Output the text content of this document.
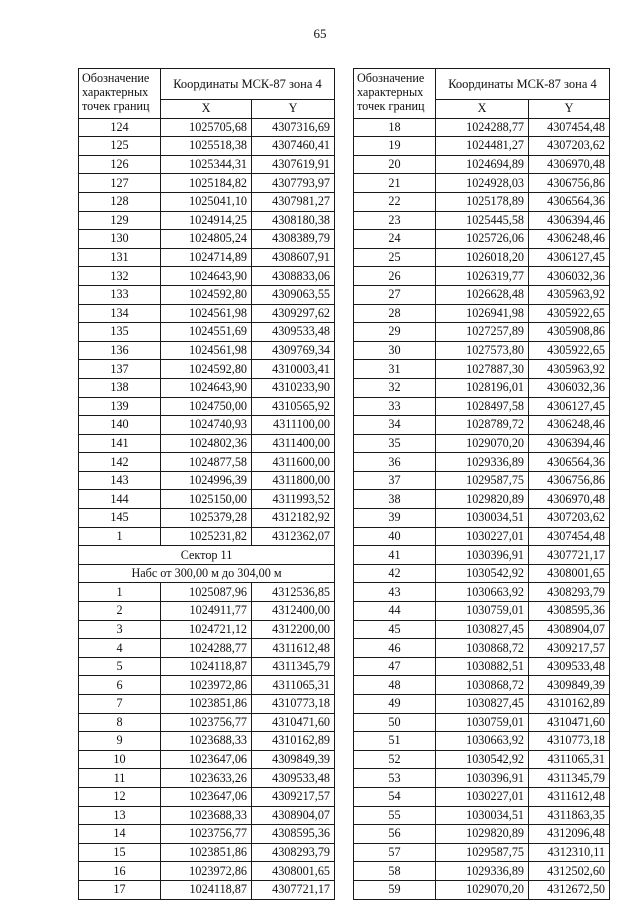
65
Обозначение характерных точек границ	Координаты МСК-87 зона 4	
	X	Y
124	1025705,68	4307316,69
125	1025518,38	4307460,41
126	1025344,31	4307619,91
127	1025184,82	4307793,97
128	1025041,10	4307981,27
129	1024914,25	4308180,38
130	1024805,24	4308389,79
131	1024714,89	4308607,91
132	1024643,90	4308833,06
133	1024592,80	4309063,55
134	1024561,98	4309297,62
135	1024551,69	4309533,48
136	1024561,98	4309769,34
137	1024592,80	4310003,41
138	1024643,90	4310233,90
139	1024750,00	4310565,92
140	1024740,93	4311100,00
141	1024802,36	4311400,00
142	1024877,58	4311600,00
143	1024996,39	4311800,00
144	1025150,00	4311993,52
145	1025379,28	4312182,92
1	1025231,82	4312362,07
Сектор 11		
Набс от 300,00 м до 304,00 м		
1	1025087,96	4312536,85
2	1024911,77	4312400,00
3	1024721,12	4312200,00
4	1024288,77	4311612,48
5	1024118,87	4311345,79
6	1023972,86	4311065,31
7	1023851,86	4310773,18
8	1023756,77	4310471,60
9	1023688,33	4310162,89
10	1023647,06	4309849,39
11	1023633,26	4309533,48
12	1023647,06	4309217,57
13	1023688,33	4308904,07
14	1023756,77	4308595,36
15	1023851,86	4308293,79
16	1023972,86	4308001,65
17	1024118,87	4307721,17
Обозначение характерных точек границ	Координаты МСК-87 зона 4	
	X	Y
18	1024288,77	4307454,48
19	1024481,27	4307203,62
20	1024694,89	4306970,48
21	1024928,03	4306756,86
22	1025178,89	4306564,36
23	1025445,58	4306394,46
24	1025726,06	4306248,46
25	1026018,20	4306127,45
26	1026319,77	4306032,36
27	1026628,48	4305963,92
28	1026941,98	4305922,65
29	1027257,89	4305908,86
30	1027573,80	4305922,65
31	1027887,30	4305963,92
32	1028196,01	4306032,36
33	1028497,58	4306127,45
34	1028789,72	4306248,46
35	1029070,20	4306394,46
36	1029336,89	4306564,36
37	1029587,75	4306756,86
38	1029820,89	4306970,48
39	1030034,51	4307203,62
40	1030227,01	4307454,48
41	1030396,91	4307721,17
42	1030542,92	4308001,65
43	1030663,92	4308293,79
44	1030759,01	4308595,36
45	1030827,45	4308904,07
46	1030868,72	4309217,57
47	1030882,51	4309533,48
48	1030868,72	4309849,39
49	1030827,45	4310162,89
50	1030759,01	4310471,60
51	1030663,92	4310773,18
52	1030542,92	4311065,31
53	1030396,91	4311345,79
54	1030227,01	4311612,48
55	1030034,51	4311863,35
56	1029820,89	4312096,48
57	1029587,75	4312310,11
58	1029336,89	4312502,60
59	1029070,20	4312672,50
